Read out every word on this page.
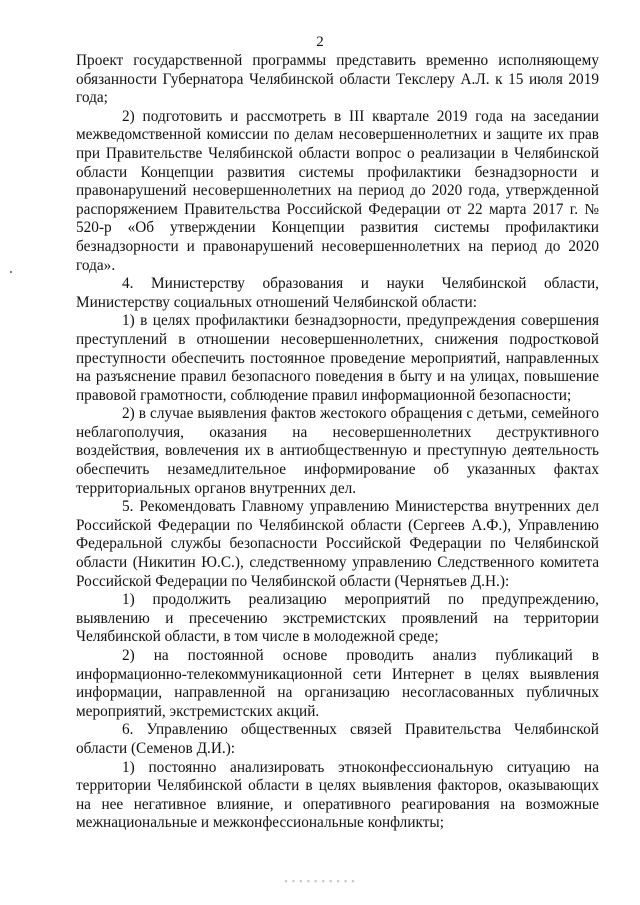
2

Проект государственной программы представить временно исполняющему обязанности Губернатора Челябинской области Текслеру А.Л. к 15 июля 2019 года;

2) подготовить и рассмотреть в III квартале 2019 года на заседании межведомственной комиссии по делам несовершеннолетних и защите их прав при Правительстве Челябинской области вопрос о реализации в Челябинской области Концепции развития системы профилактики безнадзорности и правонарушений несовершеннолетних на период до 2020 года, утвержденной распоряжением Правительства Российской Федерации от 22 марта 2017 г. № 520-р «Об утверждении Концепции развития системы профилактики безнадзорности и правонарушений несовершеннолетних на период до 2020 года».

4. Министерству образования и науки Челябинской области, Министерству социальных отношений Челябинской области:

1) в целях профилактики безнадзорности, предупреждения совершения преступлений в отношении несовершеннолетних, снижения подростковой преступности обеспечить постоянное проведение мероприятий, направленных на разъяснение правил безопасного поведения в быту и на улицах, повышение правовой грамотности, соблюдение правил информационной безопасности;

2) в случае выявления фактов жестокого обращения с детьми, семейного неблагополучия, оказания на несовершеннолетних деструктивного воздействия, вовлечения их в антиобщественную и преступную деятельность обеспечить незамедлительное информирование об указанных фактах территориальных органов внутренних дел.

5. Рекомендовать Главному управлению Министерства внутренних дел Российской Федерации по Челябинской области (Сергеев А.Ф.), Управлению Федеральной службы безопасности Российской Федерации по Челябинской области (Никитин Ю.С.), следственному управлению Следственного комитета Российской Федерации по Челябинской области (Чернятьев Д.Н.):

1) продолжить реализацию мероприятий по предупреждению, выявлению и пресечению экстремистских проявлений на территории Челябинской области, в том числе в молодежной среде;

2) на постоянной основе проводить анализ публикаций в информационно-телекоммуникационной сети Интернет в целях выявления информации, направленной на организацию несогласованных публичных мероприятий, экстремистских акций.

6. Управлению общественных связей Правительства Челябинской области (Семенов Д.И.):

1) постоянно анализировать этноконфессиональную ситуацию на территории Челябинской области в целях выявления факторов, оказывающих на нее негативное влияние, и оперативного реагирования на возможные межнациональные и межконфессиональные конфликты;

▪ ▪ ▪ ▪ ▪ ▪ ▪ ▪ ▪ ▪
